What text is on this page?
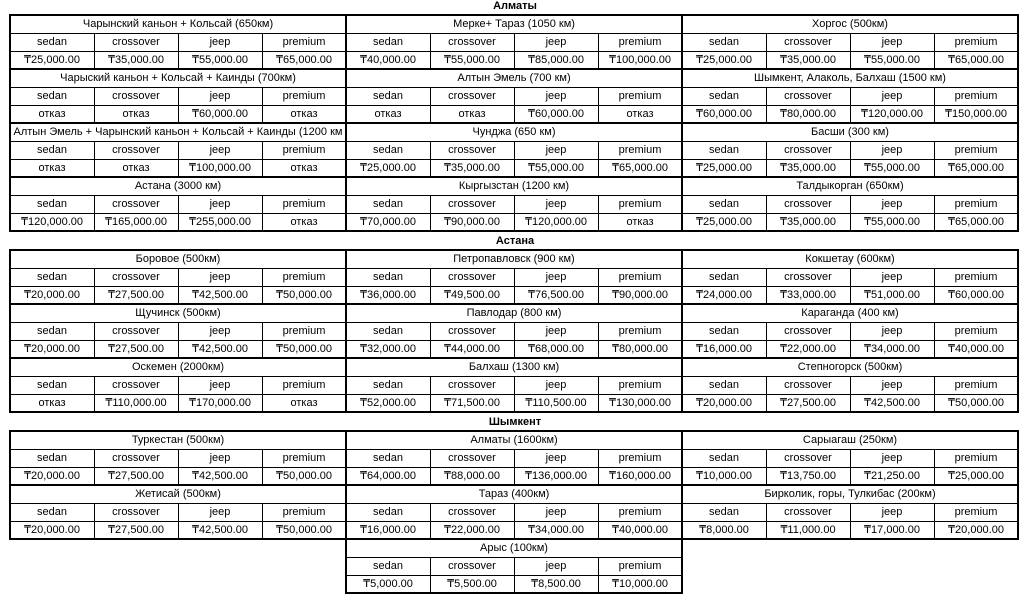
Алматы
Чарынский каньон + Кольсай (650км)
sedan
₸25,000.00
crossover
₸35,000.00
jeep
₸55,000.00
premium
₸65,000.00
Мерке+ Тараз (1050 км)
sedan
₸40,000.00
crossover
₸55,000.00
jeep
₸85,000.00
premium
₸100,000.00
Хоргос (500км)
sedan
₸25,000.00
crossover
₸35,000.00
jeep
₸55,000.00
premium
₸65,000.00
Чарыский каньон + Кольсай + Каинды (700км)
sedan
отказ
crossover
отказ
jeep
₸60,000.00
premium
отказ
Алтын Эмель (700 км)
sedan
отказ
crossover
отказ
jeep
₸60,000.00
premium
отказ
Шымкент, Алаколь, Балхаш (1500 км)
sedan
₸60,000.00
crossover
₸80,000.00
jeep
₸120,000.00
premium
₸150,000.00
Алтын Эмель + Чарынский каньон + Кольсай + Каинды (1200 км
sedan
отказ
crossover
отказ
jeep
₸100,000.00
premium
отказ
Чунджа (650 км)
sedan
₸25,000.00
crossover
₸35,000.00
jeep
₸55,000.00
premium
₸65,000.00
Басши (300 км)
sedan
₸25,000.00
crossover
₸35,000.00
jeep
₸55,000.00
premium
₸65,000.00
Астана (3000 км)
sedan
₸120,000.00
crossover
₸165,000.00
jeep
₸255,000.00
premium
отказ
Кыргызстан (1200 км)
sedan
₸70,000.00
crossover
₸90,000.00
jeep
₸120,000.00
premium
отказ
Талдыкорган (650км)
sedan
₸25,000.00
crossover
₸35,000.00
jeep
₸55,000.00
premium
₸65,000.00
Астана
Боровое (500км)
sedan
₸20,000.00
crossover
₸27,500.00
jeep
₸42,500.00
premium
₸50,000.00
Петропавловск (900 км)
sedan
₸36,000.00
crossover
₸49,500.00
jeep
₸76,500.00
premium
₸90,000.00
Кокшетау (600км)
sedan
₸24,000.00
crossover
₸33,000.00
jeep
₸51,000.00
premium
₸60,000.00
Щучинск (500км)
sedan
₸20,000.00
crossover
₸27,500.00
jeep
₸42,500.00
premium
₸50,000.00
Павлодар (800 км)
sedan
₸32,000.00
crossover
₸44,000.00
jeep
₸68,000.00
premium
₸80,000.00
Караганда (400 км)
sedan
₸16,000.00
crossover
₸22,000.00
jeep
₸34,000.00
premium
₸40,000.00
Оскемен (2000км)
sedan
отказ
crossover
₸110,000.00
jeep
₸170,000.00
premium
отказ
Балхаш (1300 км)
sedan
₸52,000.00
crossover
₸71,500.00
jeep
₸110,500.00
premium
₸130,000.00
Степногорск (500км)
sedan
₸20,000.00
crossover
₸27,500.00
jeep
₸42,500.00
premium
₸50,000.00
Шымкент
Туркестан (500км)
sedan
₸20,000.00
crossover
₸27,500.00
jeep
₸42,500.00
premium
₸50,000.00
Алматы (1600км)
sedan
₸64,000.00
crossover
₸88,000.00
jeep
₸136,000.00
premium
₸160,000.00
Сарыагаш (250км)
sedan
₸10,000.00
crossover
₸13,750.00
jeep
₸21,250.00
premium
₸25,000.00
Жетисай (500км)
sedan
₸20,000.00
crossover
₸27,500.00
jeep
₸42,500.00
premium
₸50,000.00
Тараз (400км)
sedan
₸16,000.00
crossover
₸22,000.00
jeep
₸34,000.00
premium
₸40,000.00
Бирколик, горы, Тулкибас (200км)
sedan
₸8,000.00
crossover
₸11,000.00
jeep
₸17,000.00
premium
₸20,000.00
Арыс (100км)
sedan
₸5,000.00
crossover
₸5,500.00
jeep
₸8,500.00
premium
₸10,000.00
